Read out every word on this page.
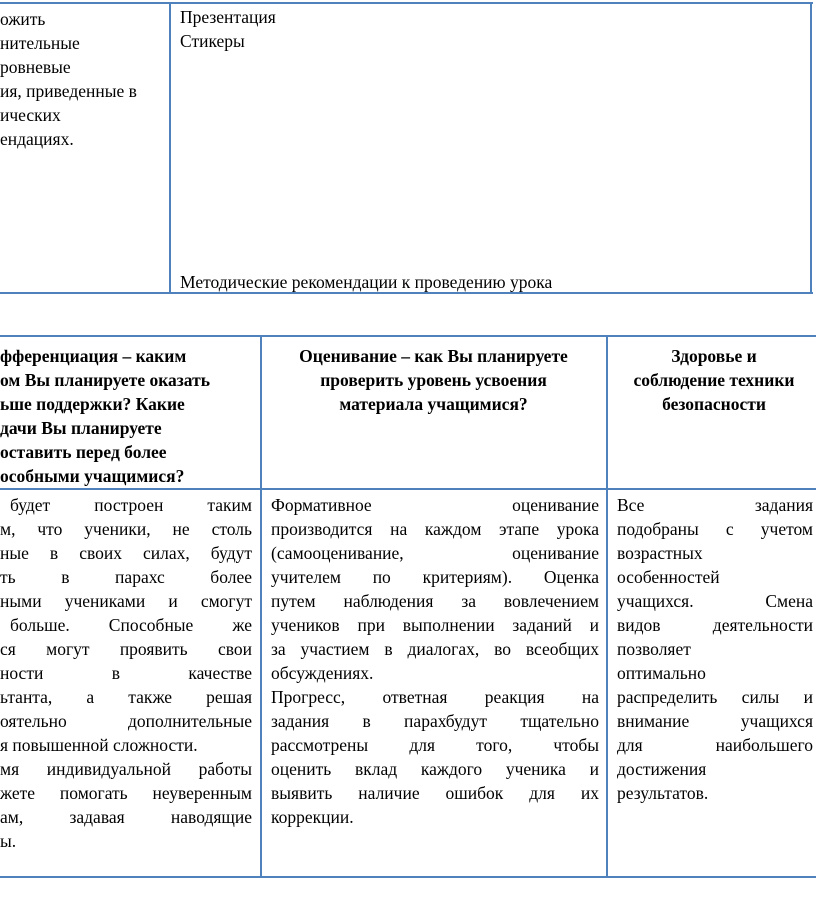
ожить
нительные
ровневые
ия, приведенные в
ических
ендациях.
Презентация
Стикеры
Методические рекомендации к проведению урока
фференциация – каким
ом Вы планируете оказать
ьше поддержки? Какие
дачи Вы планируете
оставить перед более
особными учащимися?
Оценивание – как Вы планируете
проверить уровень усвоения
материала учащимися?
Здоровье и
соблюдение техники
безопасности
будет построен таким
м, что ученики, не столь
ные в своих силах, будут
ть в парахс более
ными учениками и смогут
больше. Способные же
ся могут проявить свои
ности в качестве
ьтанта, а также решая
оятельно дополнительные
я повышенной сложности.
мя индивидуальной работы
жете помогать неуверенным
ам, задавая наводящие
ы.
Формативное оценивание
производится на каждом этапе урока
(самооценивание, оценивание
учителем по критериям). Оценка
путем наблюдения за вовлечением
учеников при выполнении заданий и
за участием в диалогах, во всеобщих
обсуждениях.
Прогресс, ответная реакция на
задания в парахбудут тщательно
рассмотрены для того, чтобы
оценить вклад каждого ученика и
выявить наличие ошибок для их
коррекции.
Все задания
подобраны с учетом
возрастных
особенностей
учащихся. Смена
видов деятельности
позволяет
оптимально
распределить силы и
внимание учащихся
для наибольшего
достижения
результатов.
